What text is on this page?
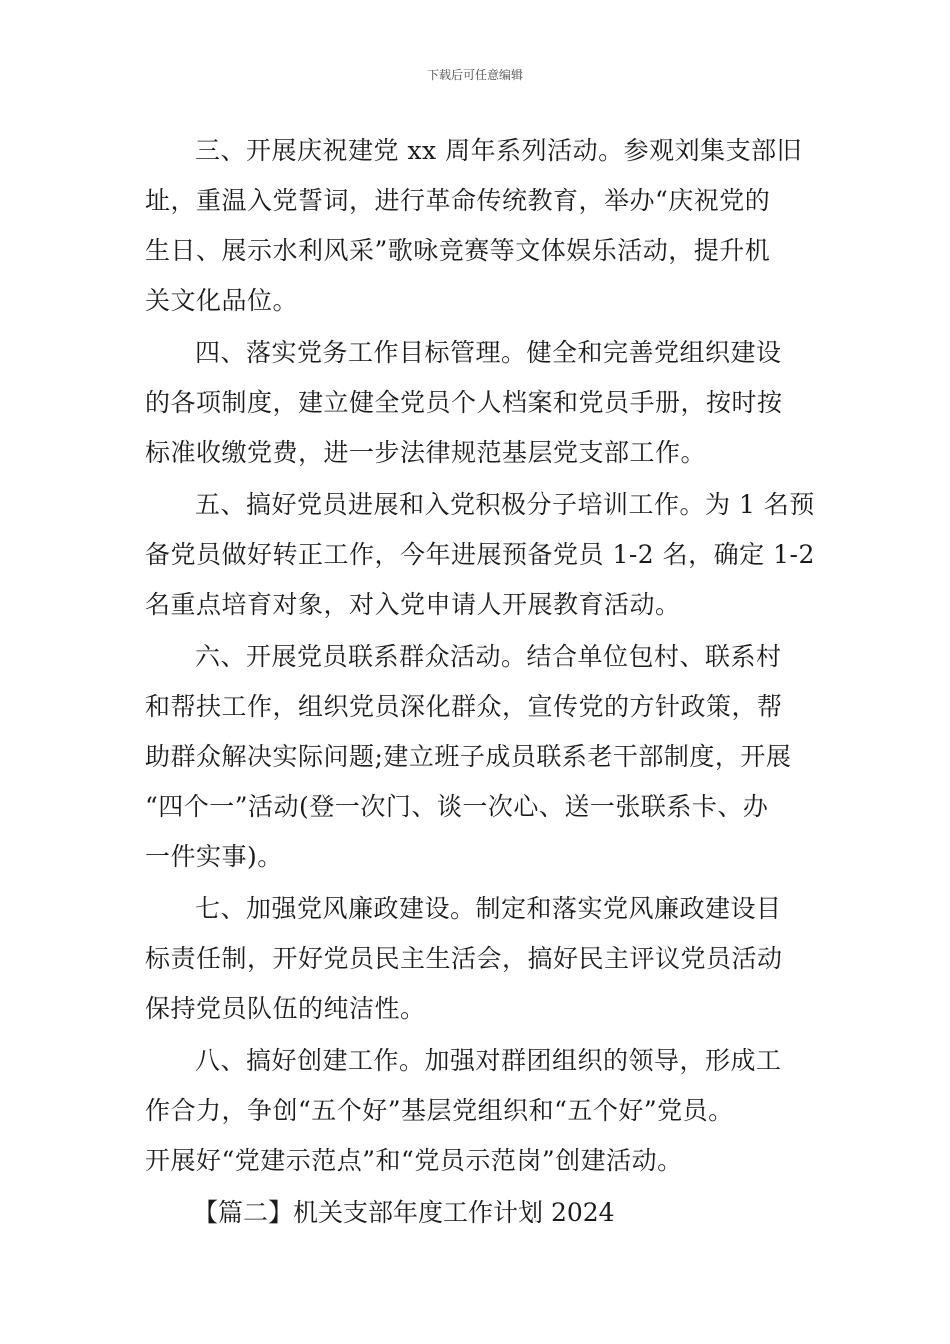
下载后可任意编辑

三、开展庆祝建党 xx 周年系列活动。参观刘集支部旧
址，重温入党誓词，进行革命传统教育，举办“庆祝党的
生日、展示水利风采”歌咏竞赛等文体娱乐活动，提升机
关文化品位。

四、落实党务工作目标管理。健全和完善党组织建设
的各项制度，建立健全党员个人档案和党员手册，按时按
标准收缴党费，进一步法律规范基层党支部工作。

五、搞好党员进展和入党积极分子培训工作。为 1 名预
备党员做好转正工作，今年进展预备党员 1-2 名，确定 1-2
名重点培育对象，对入党申请人开展教育活动。

六、开展党员联系群众活动。结合单位包村、联系村
和帮扶工作，组织党员深化群众，宣传党的方针政策，帮
助群众解决实际问题;建立班子成员联系老干部制度，开展
“四个一”活动(登一次门、谈一次心、送一张联系卡、办
一件实事)。

七、加强党风廉政建设。制定和落实党风廉政建设目
标责任制，开好党员民主生活会，搞好民主评议党员活动
保持党员队伍的纯洁性。

八、搞好创建工作。加强对群团组织的领导，形成工
作合力，争创“五个好”基层党组织和“五个好”党员。
开展好“党建示范点”和“党员示范岗”创建活动。

【篇二】机关支部年度工作计划 2024
